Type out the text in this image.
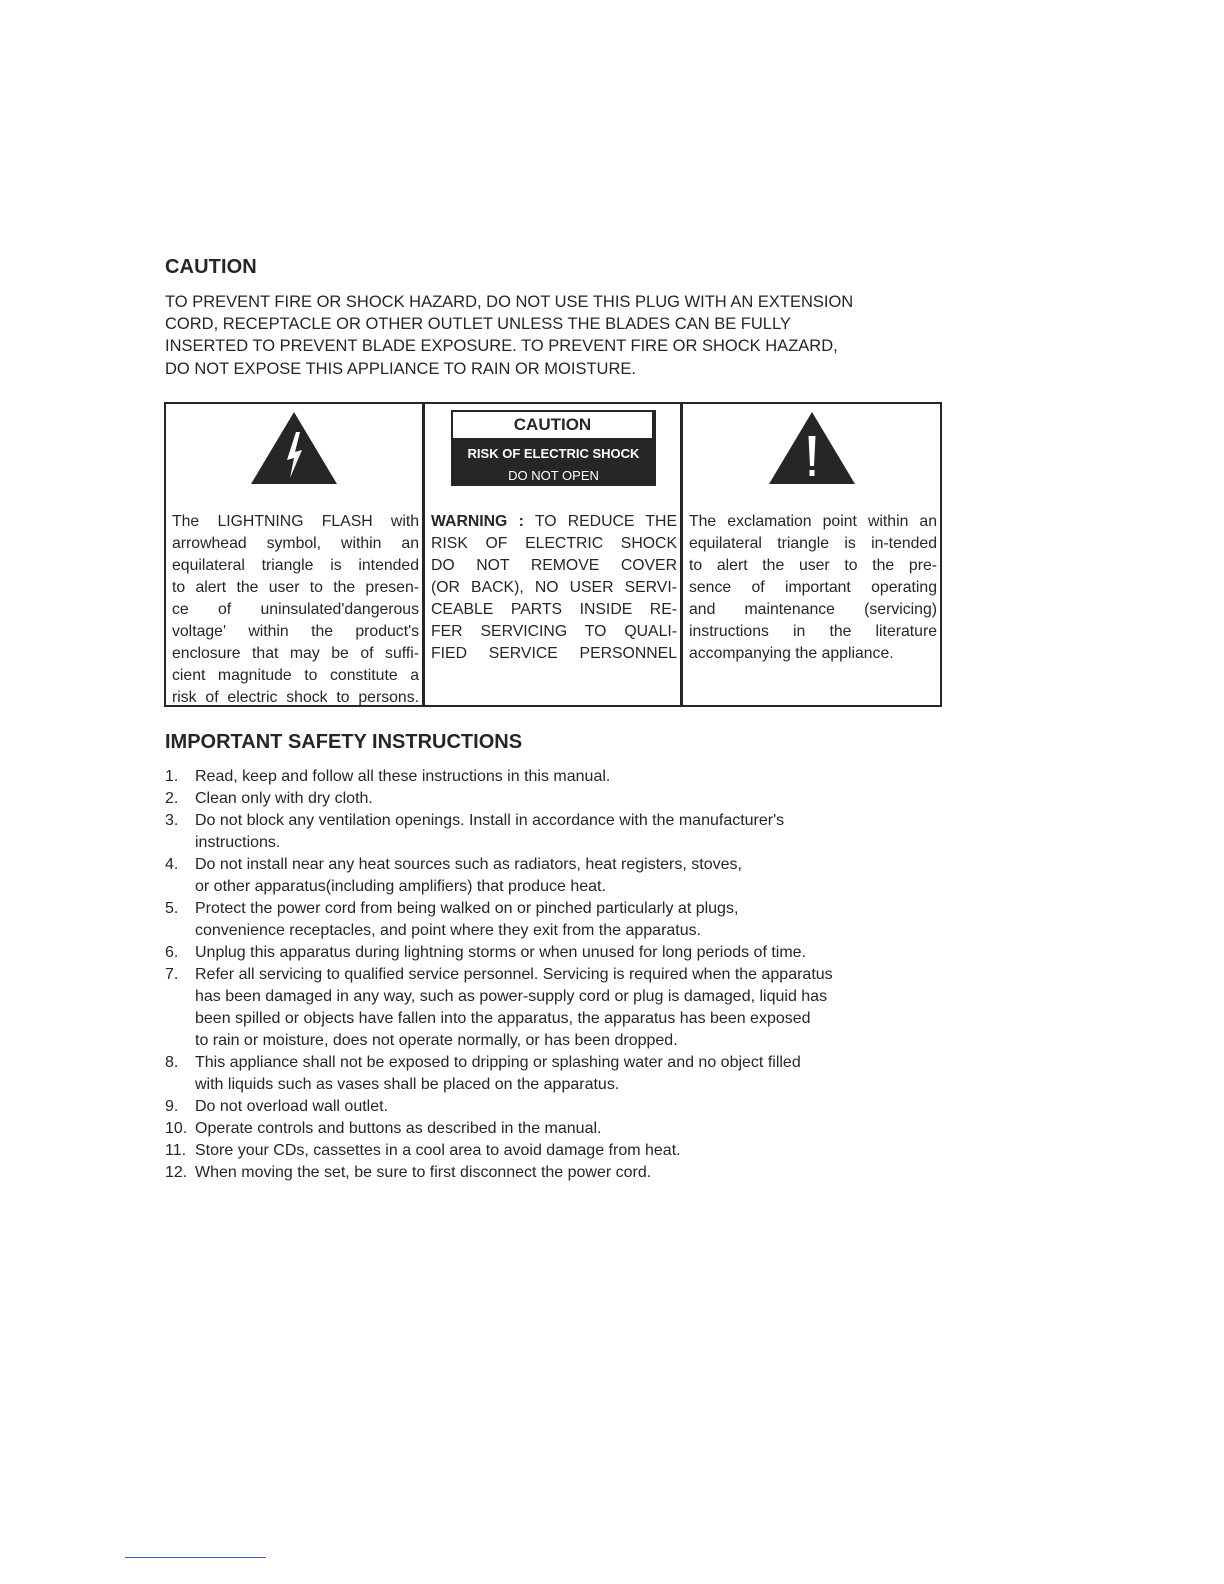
CAUTION

TO PREVENT FIRE OR SHOCK HAZARD, DO NOT USE THIS PLUG WITH AN EXTENSION
CORD, RECEPTACLE OR OTHER OUTLET UNLESS THE BLADES CAN BE FULLY
INSERTED TO PREVENT BLADE EXPOSURE. TO PREVENT FIRE OR SHOCK HAZARD,
DO NOT EXPOSE THIS APPLIANCE TO RAIN OR MOISTURE.

The LIGHTNING FLASH with
arrowhead symbol, within an
equilateral triangle is intended
to alert the user to the presen-
ce of uninsulated'dangerous
voltage' within the product's
enclosure that may be of suffi-
cient magnitude to constitute a
risk of electric shock to persons.

CAUTION
RISK OF ELECTRIC SHOCK
DO NOT OPEN

WARNING : TO REDUCE THE
RISK OF ELECTRIC SHOCK
DO NOT REMOVE COVER
(OR BACK), NO USER SERVI-
CEABLE PARTS INSIDE RE-
FER SERVICING TO QUALI-
FIED SERVICE PERSONNEL

The exclamation point within an
equilateral triangle is in-tended
to alert the user to the pre-
sence of important operating
and maintenance (servicing)
instructions in the literature
accompanying the appliance.

IMPORTANT SAFETY INSTRUCTIONS
1. Read, keep and follow all these instructions in this manual.
2. Clean only with dry cloth.
3. Do not block any ventilation openings. Install in accordance with the manufacturer's
instructions.
4. Do not install near any heat sources such as radiators, heat registers, stoves,
or other apparatus(including amplifiers) that produce heat.
5. Protect the power cord from being walked on or pinched particularly at plugs,
convenience receptacles, and point where they exit from the apparatus.
6. Unplug this apparatus during lightning storms or when unused for long periods of time.
7. Refer all servicing to qualified service personnel. Servicing is required when the apparatus
has been damaged in any way, such as power-supply cord or plug is damaged, liquid has
been spilled or objects have fallen into the apparatus, the apparatus has been exposed
to rain or moisture, does not operate normally, or has been dropped.
8. This appliance shall not be exposed to dripping or splashing water and no object filled
with liquids such as vases shall be placed on the apparatus.
9. Do not overload wall outlet.
10. Operate controls and buttons as described in the manual.
11. Store your CDs, cassettes in a cool area to avoid damage from heat.
12. When moving the set, be sure to first disconnect the power cord.
